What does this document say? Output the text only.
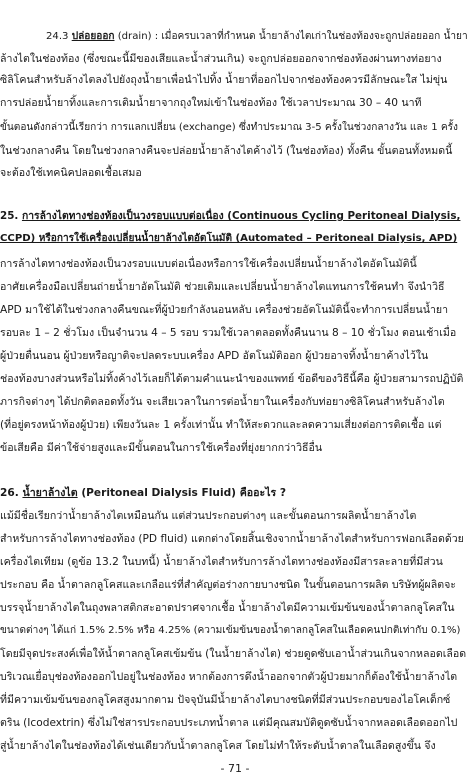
24.3 ปล่อยออก (drain) : เมื่อครบเวลาที่กำหนด น้ำยาล้างไตเก่าในช่องท้องจะถูกปล่อยออก น้ำยา
ล้างไตในช่องท้อง (ซึ่งขณะนี้มีของเสียและน้ำส่วนเกิน) จะถูกปล่อยออกจากช่องท้องผ่านทางท่อยาง
ซิลิโคนสำหรับล้างไตลงไปยังถุงน้ำยาเพื่อนำไปทิ้ง น้ำยาที่ออกไปจากช่องท้องควรมีลักษณะใส ไม่ขุ่น
การปล่อยน้ำยาทิ้งและการเติมน้ำยาจากถุงใหม่เข้าในช่องท้อง ใช้เวลาประมาณ 30 – 40 นาที
ขั้นตอนดังกล่าวนี้เรียกว่า การแลกเปลี่ยน (exchange) ซึ่งทำประมาณ 3-5 ครั้งในช่วงกลางวัน และ 1 ครั้ง
ในช่วงกลางคืน โดยในช่วงกลางคืนจะปล่อยน้ำยาล้างไตค้างไว้ (ในช่องท้อง) ทั้งคืน ขั้นตอนทั้งหมดนี้
จะต้องใช้เทคนิคปลอดเชื้อเสมอ
25. การล้างไตทางช่องท้องเป็นวงรอบแบบต่อเนื่อง (Continuous Cycling Peritoneal Dialysis,
CCPD) หรือการใช้เครื่องเปลี่ยนน้ำยาล้างไตอัตโนมัติ (Automated – Peritoneal Dialysis, APD)
การล้างไตทางช่องท้องเป็นวงรอบแบบต่อเนื่องหรือการใช้เครื่องเปลี่ยนน้ำยาล้างไตอัตโนมัตินี้
อาศัยเครื่องมือเปลี่ยนถ่ายน้ำยาอัตโนมัติ ช่วยเติมและเปลี่ยนน้ำยาล้างไตแทนการใช้คนทำ จึงนำวิธี
APD มาใช้ได้ในช่วงกลางคืนขณะที่ผู้ป่วยกำลังนอนหลับ เครื่องช่วยอัตโนมัตินี้จะทำการเปลี่ยนน้ำยา
รอบละ 1 – 2 ชั่วโมง เป็นจำนวน 4 – 5 รอบ รวมใช้เวลาตลอดทั้งคืนนาน 8 – 10 ชั่วโมง ตอนเช้าเมื่อ
ผู้ป่วยตื่นนอน ผู้ป่วยหรือญาติจะปลดระบบเครื่อง APD อัตโนมัติออก ผู้ป่วยอาจทิ้งน้ำยาค้างไว้ใน
ช่องท้องบางส่วนหรือไม่ทิ้งค้างไว้เลยก็ได้ตามคำแนะนำของแพทย์ ข้อดีของวิธีนี้คือ ผู้ป่วยสามารถปฏิบัติ
ภารกิจต่างๆ ได้ปกติตลอดทั้งวัน จะเสียเวลาในการต่อน้ำยาในเครื่องกับท่อยางซิลิโคนสำหรับล้างไต
(ที่อยู่ตรงหน้าท้องผู้ป่วย) เพียงวันละ 1 ครั้งเท่านั้น ทำให้สะดวกและลดความเสี่ยงต่อการติดเชื้อ แต่
ข้อเสียคือ มีค่าใช้จ่ายสูงและมีขั้นตอนในการใช้เครื่องที่ยุ่งยากกว่าวิธีอื่น
26. น้ำยาล้างไต (Peritoneal Dialysis Fluid) คืออะไร ?
แม้มีชื่อเรียกว่าน้ำยาล้างไตเหมือนกัน แต่ส่วนประกอบต่างๆ และขั้นตอนการผลิตน้ำยาล้างไต
สำหรับการล้างไตทางช่องท้อง (PD fluid) แตกต่างโดยสิ้นเชิงจากน้ำยาล้างไตสำหรับการฟอกเลือดด้วย
เครื่องไตเทียม (ดูข้อ 13.2 ในบทนี้) น้ำยาล้างไตสำหรับการล้างไตทางช่องท้องมีสารละลายที่มีส่วน
ประกอบ คือ น้ำตาลกลูโคสและเกลือแร่ที่สำคัญต่อร่างกายบางชนิด ในขั้นตอนการผลิต บริษัทผู้ผลิตจะ
บรรจุน้ำยาล้างไตในถุงพลาสติกสะอาดปราศจากเชื้อ น้ำยาล้างไตมีความเข้มข้นของน้ำตาลกลูโคสใน
ขนาดต่างๆ ได้แก่ 1.5% 2.5% หรือ 4.25% (ความเข้มข้นของน้ำตาลกลูโคสในเลือดคนปกติเท่ากับ 0.1%)
โดยมีจุดประสงค์เพื่อให้น้ำตาลกลูโคสเข้มข้น (ในน้ำยาล้างไต) ช่วยดูดซับเอาน้ำส่วนเกินจากหลอดเลือด
บริเวณเยื่อบุช่องท้องออกไปอยู่ในช่องท้อง หากต้องการดึงน้ำออกจากตัวผู้ป่วยมากก็ต้องใช้น้ำยาล้างไต
ที่มีความเข้มข้นของกลูโคสสูงมากตาม ปัจจุบันมีน้ำยาล้างไตบางชนิดที่มีส่วนประกอบของไอโคเด็กซ์
ตริน (Icodextrin) ซึ่งไม่ใช่สารประกอบประเภทน้ำตาล แต่มีคุณสมบัติดูดซับน้ำจากหลอดเลือดออกไป
สู่น้ำยาล้างไตในช่องท้องได้เช่นเดียวกับน้ำตาลกลูโคส โดยไม่ทำให้ระดับน้ำตาลในเลือดสูงขึ้น จึง
- 71 -
